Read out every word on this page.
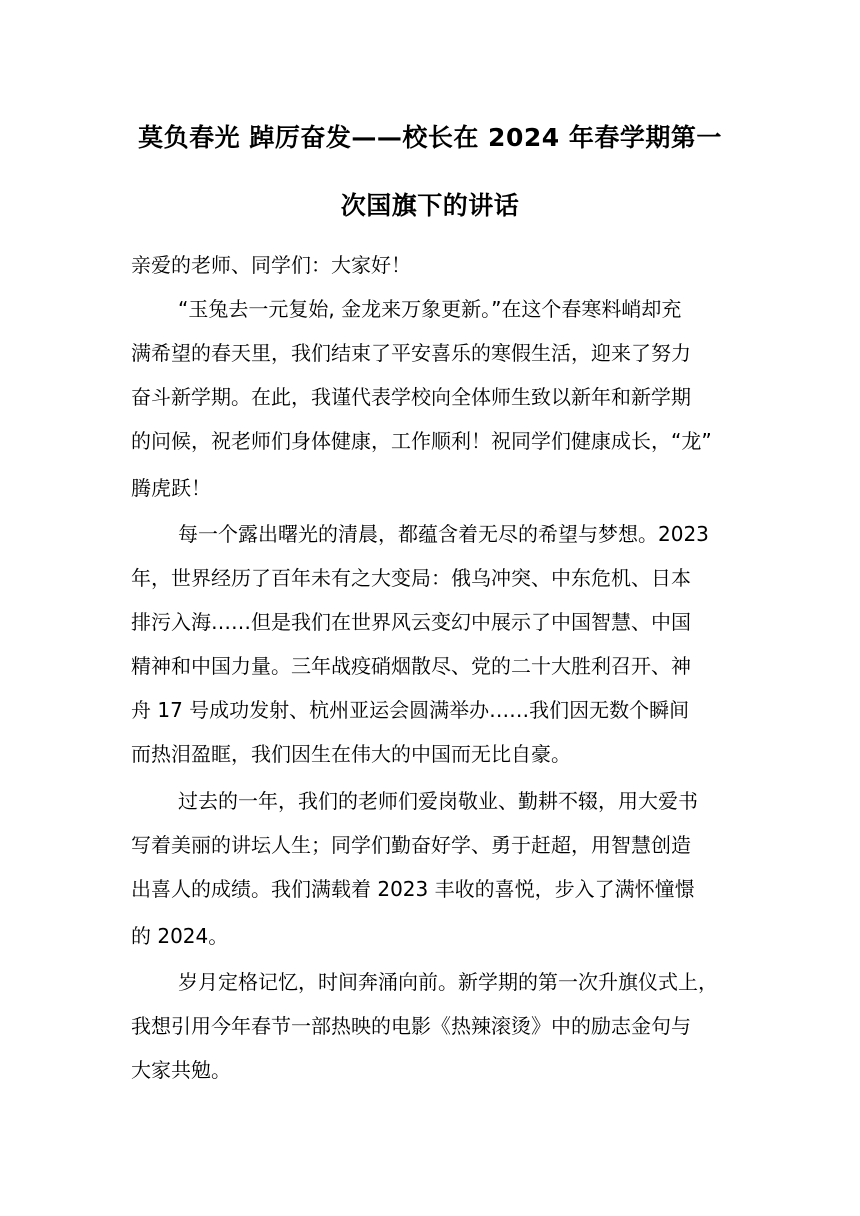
莫负春光 踔厉奋发——校长在 2024 年春学期第一
次国旗下的讲话
亲爱的老师、同学们：大家好！
“玉兔去一元复始, 金龙来万象更新。”在这个春寒料峭却充
满希望的春天里，我们结束了平安喜乐的寒假生活，迎来了努力
奋斗新学期。在此，我谨代表学校向全体师生致以新年和新学期
的问候，祝老师们身体健康，工作顺利！祝同学们健康成长，“龙”
腾虎跃！
每一个露出曙光的清晨，都蕴含着无尽的希望与梦想。2023
年，世界经历了百年未有之大变局：俄乌冲突、中东危机、日本
排污入海……但是我们在世界风云变幻中展示了中国智慧、中国
精神和中国力量。三年战疫硝烟散尽、党的二十大胜利召开、神
舟 17 号成功发射、杭州亚运会圆满举办……我们因无数个瞬间
而热泪盈眶，我们因生在伟大的中国而无比自豪。
过去的一年，我们的老师们爱岗敬业、勤耕不辍，用大爱书
写着美丽的讲坛人生；同学们勤奋好学、勇于赶超，用智慧创造
出喜人的成绩。我们满载着 2023 丰收的喜悦，步入了满怀憧憬
的 2024。
岁月定格记忆，时间奔涌向前。新学期的第一次升旗仪式上，
我想引用今年春节一部热映的电影《热辣滚烫》中的励志金句与
大家共勉。
